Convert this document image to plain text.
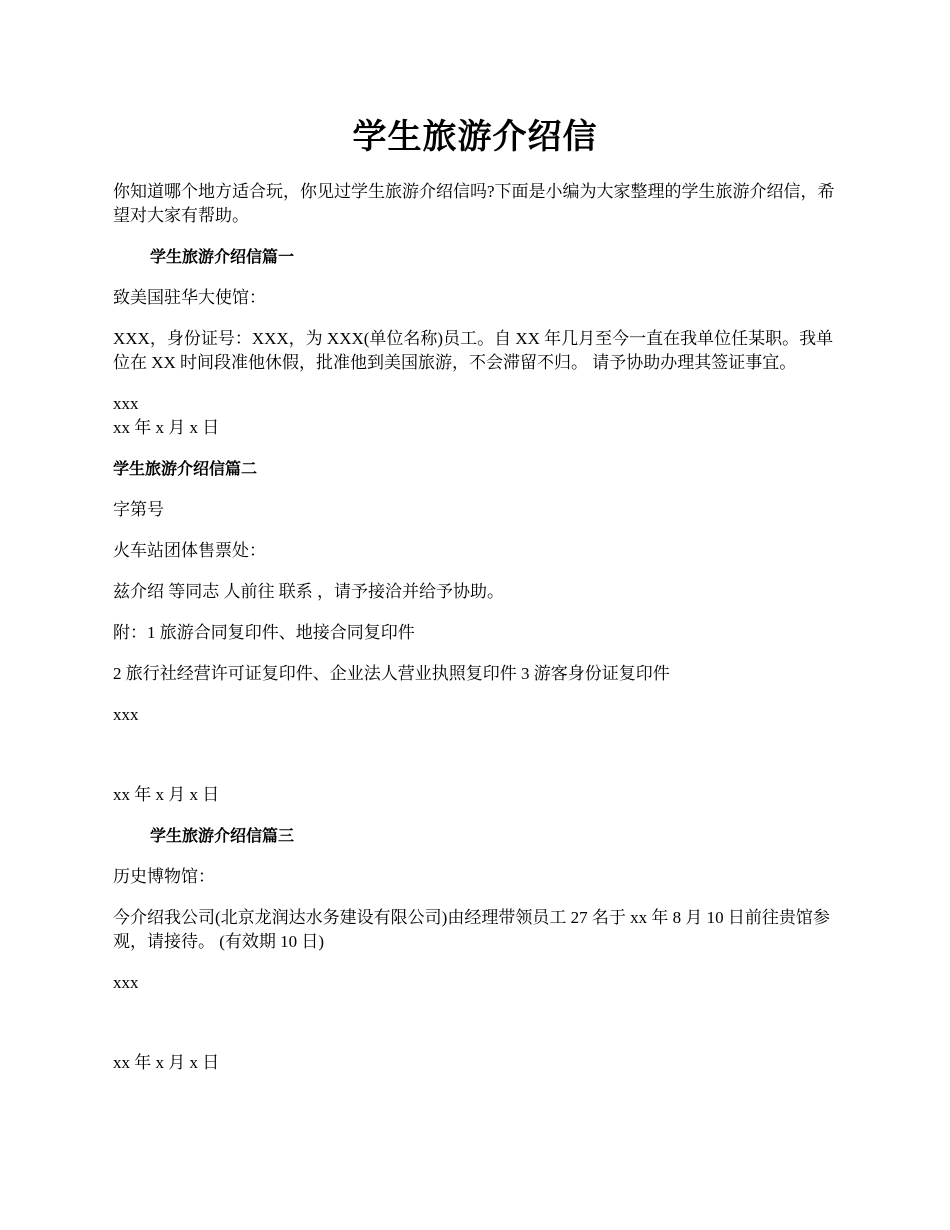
学生旅游介绍信

你知道哪个地方适合玩，你见过学生旅游介绍信吗?下面是小编为大家整理的学生旅游介绍信，希望对大家有帮助。

学生旅游介绍信篇一

致美国驻华大使馆：

XXX，身份证号：XXX，为 XXX(单位名称)员工。自 XX 年几月至今一直在我单位任某职。我单位在 XX 时间段准他休假，批准他到美国旅游，不会滞留不归。 请予协助办理其签证事宜。

xxx

xx 年 x 月 x 日

学生旅游介绍信篇二

字第号

火车站团体售票处：

兹介绍 等同志 人前往 联系 ，请予接洽并给予协助。

附：1 旅游合同复印件、地接合同复印件

2 旅行社经营许可证复印件、企业法人营业执照复印件 3 游客身份证复印件

xxx

xx 年 x 月 x 日

学生旅游介绍信篇三

历史博物馆：

今介绍我公司(北京龙润达水务建设有限公司)由经理带领员工 27 名于 xx 年 8 月 10 日前往贵馆参观，请接待。 (有效期 10 日)

xxx

xx 年 x 月 x 日
